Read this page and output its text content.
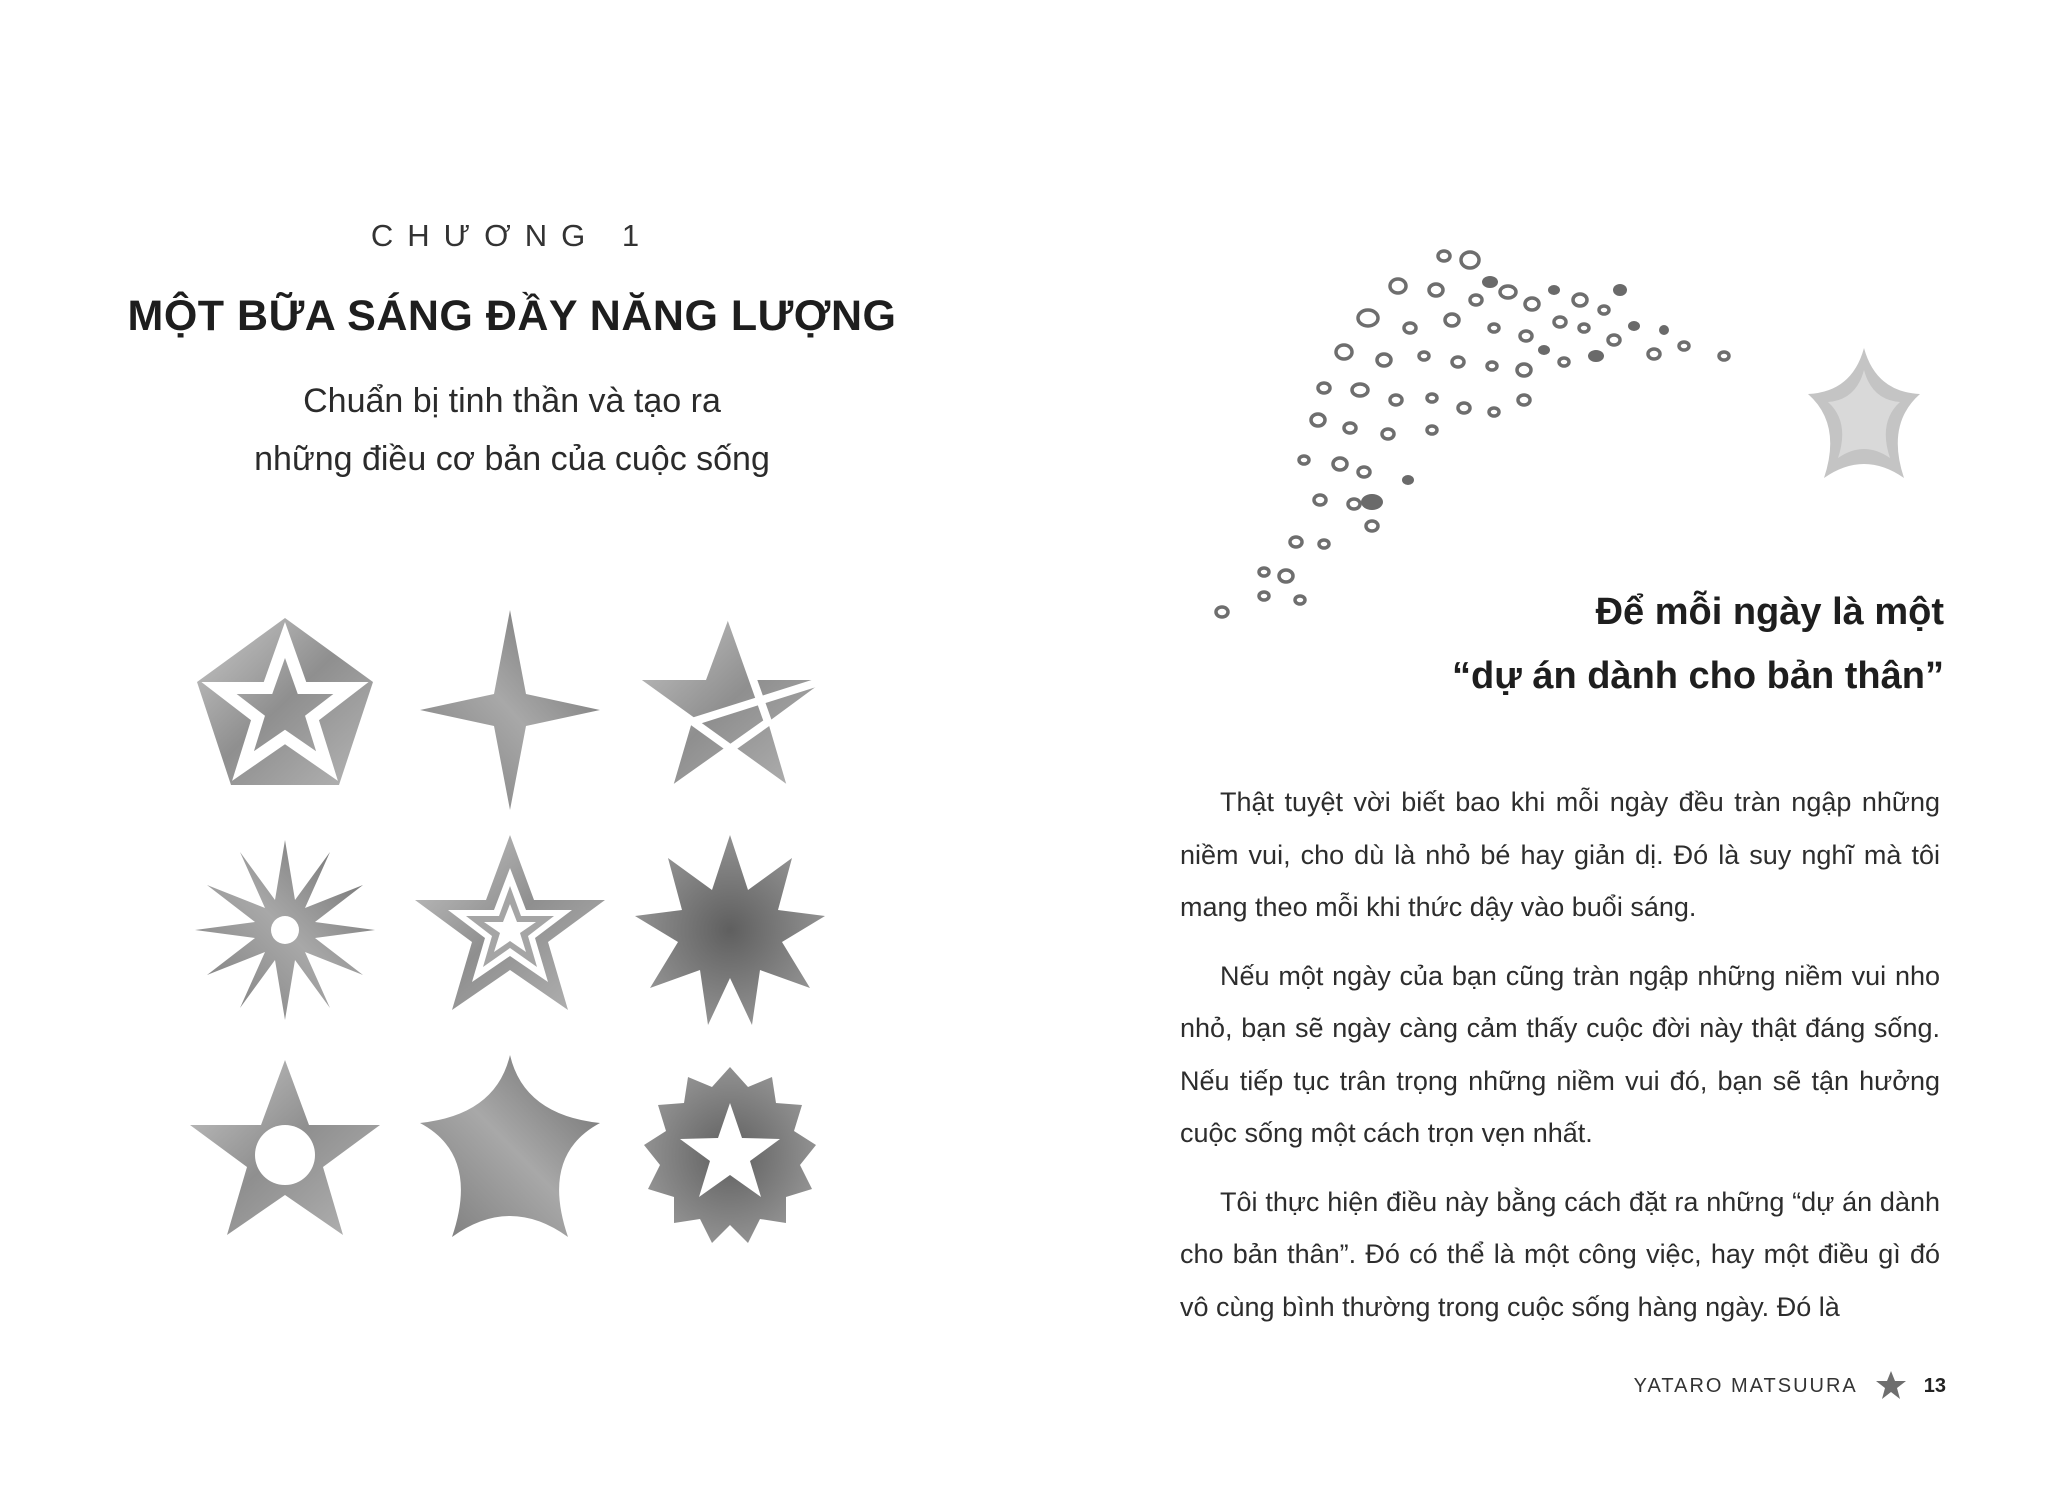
CHƯƠNG 1
MỘT BỮA SÁNG ĐẦY NĂNG LƯỢNG
Chuẩn bị tinh thần và tạo ra
những điều cơ bản của cuộc sống
Để mỗi ngày là một
“dự án dành cho bản thân”

Thật tuyệt vời biết bao khi mỗi ngày đều tràn ngập những niềm vui, cho dù là nhỏ bé hay giản dị. Đó là suy nghĩ mà tôi mang theo mỗi khi thức dậy vào buổi sáng.

Nếu một ngày của bạn cũng tràn ngập những niềm vui nho nhỏ, bạn sẽ ngày càng cảm thấy cuộc đời này thật đáng sống. Nếu tiếp tục trân trọng những niềm vui đó, bạn sẽ tận hưởng cuộc sống một cách trọn vẹn nhất.

Tôi thực hiện điều này bằng cách đặt ra những “dự án dành cho bản thân”. Đó có thể là một công việc, hay một điều gì đó vô cùng bình thường trong cuộc sống hàng ngày. Đó là

YATARO MATSUURA	13
